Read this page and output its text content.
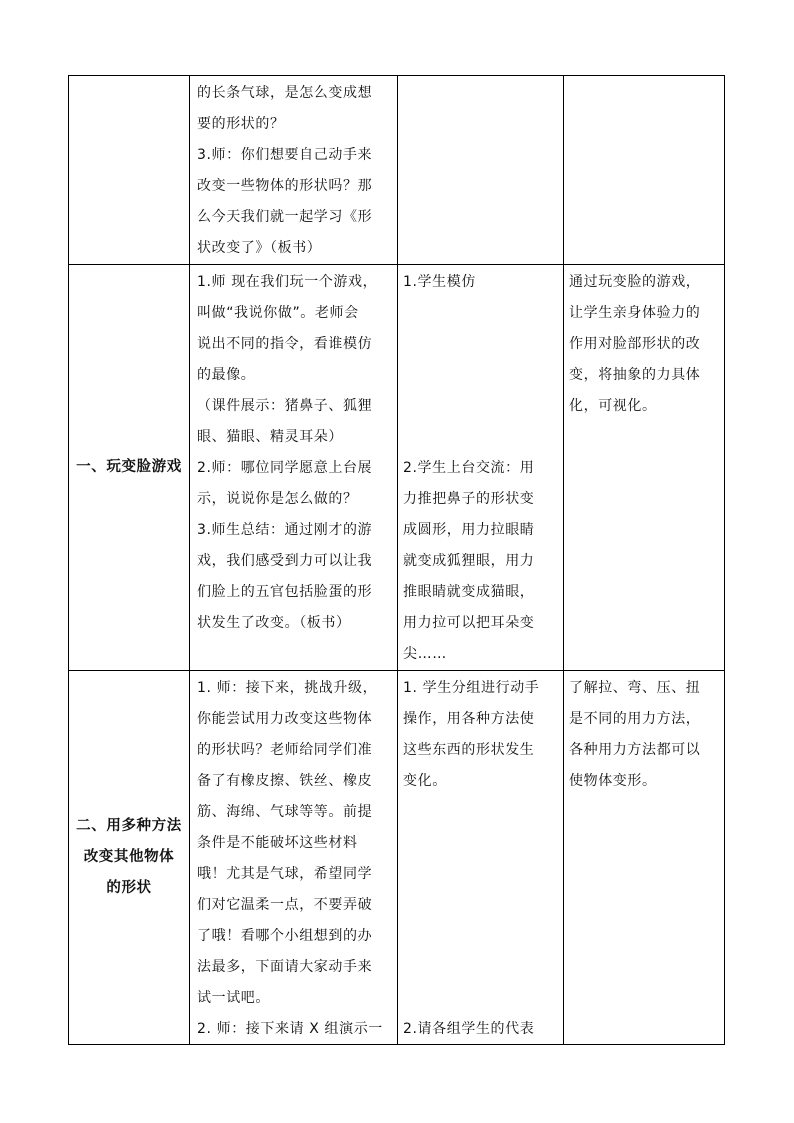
的长条气球，是怎么变成想
要的形状的？
3.师：你们想要自己动手来
改变一些物体的形状吗？那
么今天我们就一起学习《形
状改变了》（板书）
一、玩变脸游戏
1.师 现在我们玩一个游戏，
叫做“我说你做”。老师会
说出不同的指令，看谁模仿
的最像。
（课件展示：猪鼻子、狐狸
眼、猫眼、精灵耳朵）
2.师：哪位同学愿意上台展
示，说说你是怎么做的？
3.师生总结：通过刚才的游
戏，我们感受到力可以让我
们脸上的五官包括脸蛋的形
状发生了改变。（板书）
1.学生模仿
2.学生上台交流：用
力推把鼻子的形状变
成圆形，用力拉眼睛
就变成狐狸眼，用力
推眼睛就变成猫眼，
用力拉可以把耳朵变
尖……
通过玩变脸的游戏，
让学生亲身体验力的
作用对脸部形状的改
变，将抽象的力具体
化，可视化。
二、用多种方法
改变其他物体
的形状
1. 师：接下来，挑战升级，
你能尝试用力改变这些物体
的形状吗？老师给同学们准
备了有橡皮擦、铁丝、橡皮
筋、海绵、气球等等。前提
条件是不能破坏这些材料
哦！尤其是气球，希望同学
们对它温柔一点，不要弄破
了哦！看哪个小组想到的办
法最多，下面请大家动手来
试一试吧。
2. 师：接下来请 X 组演示一
1. 学生分组进行动手
操作，用各种方法使
这些东西的形状发生
变化。
2.请各组学生的代表
了解拉、弯、压、扭
是不同的用力方法，
各种用力方法都可以
使物体变形。
